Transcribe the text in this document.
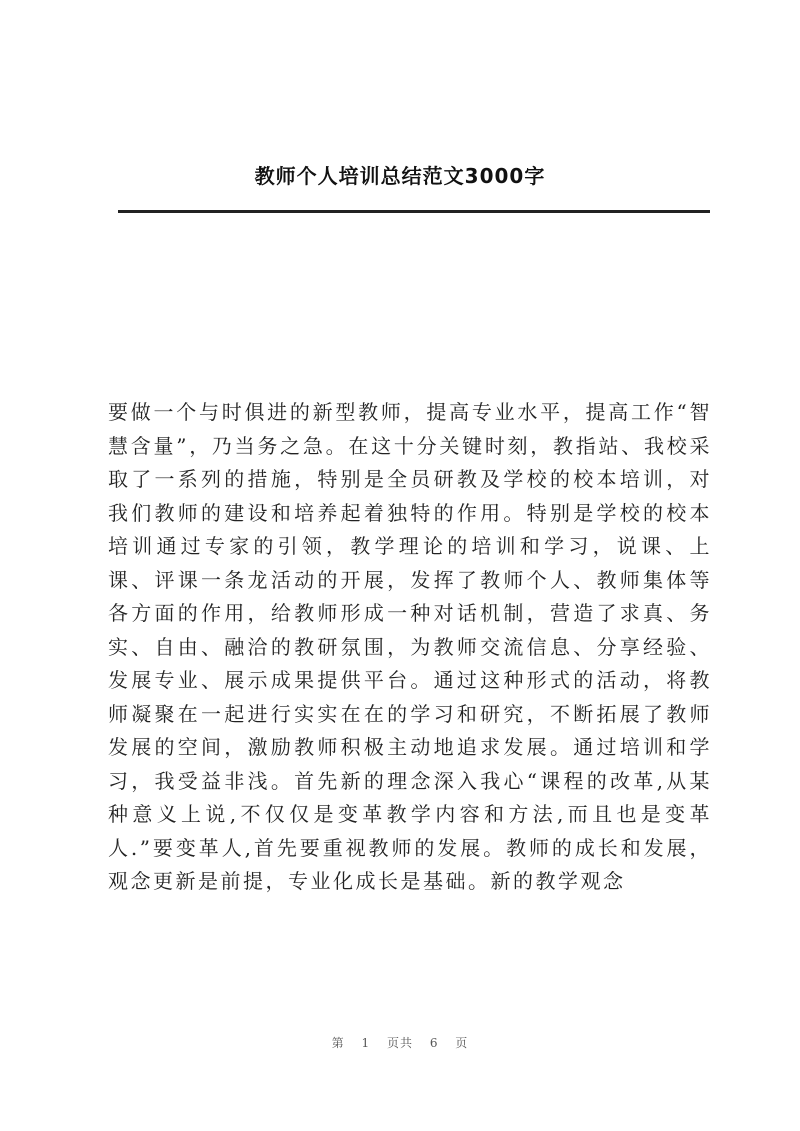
教师个人培训总结范文3000字

要做一个与时俱进的新型教师，提高专业水平，提高工作“智慧含量”，乃当务之急。在这十分关键时刻，教指站、我校采取了一系列的措施，特别是全员研教及学校的校本培训，对我们教师的建设和培养起着独特的作用。特别是学校的校本培训通过专家的引领，教学理论的培训和学习，说课、上课、评课一条龙活动的开展，发挥了教师个人、教师集体等各方面的作用，给教师形成一种对话机制，营造了求真、务实、自由、融洽的教研氛围，为教师交流信息、分享经验、发展专业、展示成果提供平台。通过这种形式的活动，将教师凝聚在一起进行实实在在的学习和研究，不断拓展了教师发展的空间，激励教师积极主动地追求发展。通过培训和学习，我受益非浅。首先新的理念深入我心“课程的改革,从某种意义上说,不仅仅是变革教学内容和方法,而且也是变革人.”要变革人,首先要重视教师的发展。教师的成长和发展，观念更新是前提，专业化成长是基础。新的教学观念

第 1 页共 6 页
